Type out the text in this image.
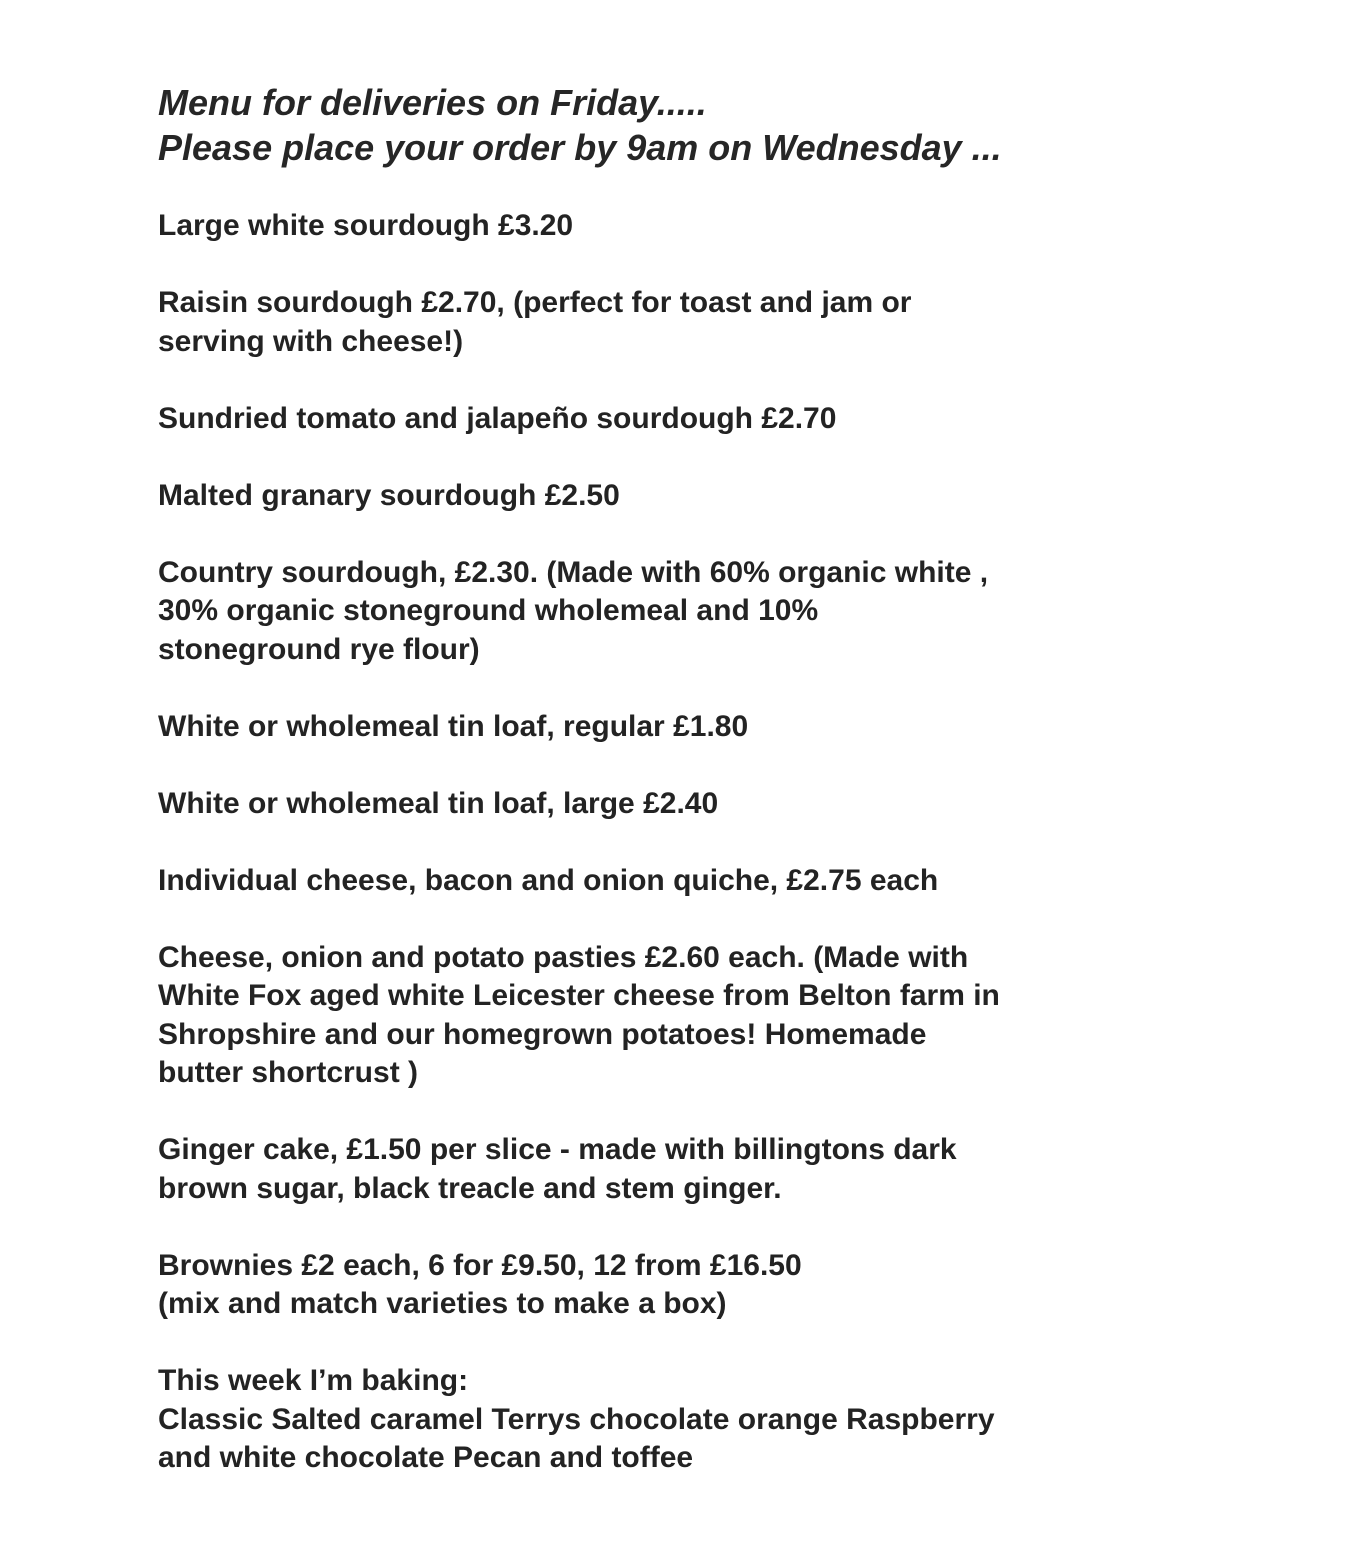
Menu for deliveries on Friday.....
Please place your order by 9am on Wednesday ...
Large white sourdough £3.20
Raisin sourdough £2.70, (perfect for toast and jam or
serving with cheese!)
Sundried tomato and jalapeño sourdough £2.70
Malted granary sourdough £2.50
Country sourdough, £2.30. (Made with 60% organic white ,
30% organic stoneground wholemeal and 10%
stoneground rye flour)
White or wholemeal tin loaf, regular £1.80
White or wholemeal tin loaf, large £2.40
Individual cheese, bacon and onion quiche, £2.75 each
Cheese, onion and potato pasties £2.60 each. (Made with
White Fox aged white Leicester cheese from Belton farm in
Shropshire and our homegrown potatoes! Homemade
butter shortcrust )
Ginger cake, £1.50 per slice - made with billingtons dark
brown sugar, black treacle and stem ginger.
Brownies £2 each, 6 for £9.50, 12 from £16.50
(mix and match varieties to make a box)
This week I’m baking:
Classic Salted caramel Terrys chocolate orange Raspberry
and white chocolate Pecan and toffee
